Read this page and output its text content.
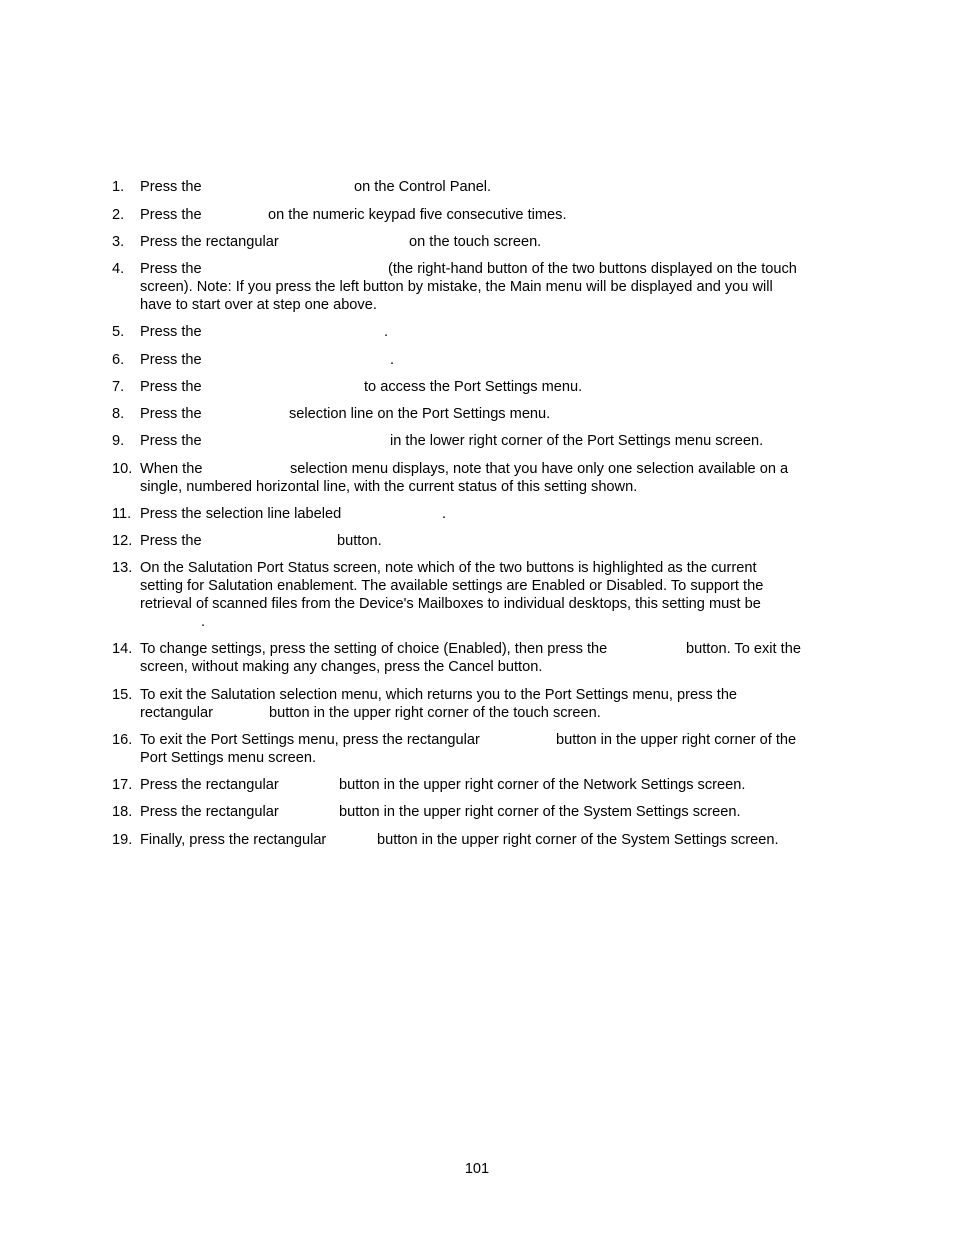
1. Press the	on the Control Panel.
2. Press the	on the numeric keypad five consecutive times.
3. Press the rectangular	on the touch screen.
4. Press the	(the right-hand button of the two buttons displayed on the touch
screen). Note: If you press the left button by mistake, the Main menu will be displayed and you will
have to start over at step one above.
5. Press the	.
6. Press the	.
7. Press the	to access the Port Settings menu.
8. Press the	selection line on the Port Settings menu.
9. Press the	in the lower right corner of the Port Settings menu screen.
10. When the	selection menu displays, note that you have only one selection available on a
single, numbered horizontal line, with the current status of this setting shown.
11. Press the selection line labeled	.
12. Press the	button.
13. On the Salutation Port Status screen, note which of the two buttons is highlighted as the current
setting for Salutation enablement. The available settings are Enabled or Disabled. To support the
retrieval of scanned files from the Device's Mailboxes to individual desktops, this setting must be
.
14. To change settings, press the setting of choice (Enabled), then press the	button. To exit the
screen, without making any changes, press the Cancel button.
15. To exit the Salutation selection menu, which returns you to the Port Settings menu, press the
rectangular	button in the upper right corner of the touch screen.
16. To exit the Port Settings menu, press the rectangular	button in the upper right corner of the
Port Settings menu screen.
17. Press the rectangular	button in the upper right corner of the Network Settings screen.
18. Press the rectangular	button in the upper right corner of the System Settings screen.
19. Finally, press the rectangular	button in the upper right corner of the System Settings screen.
101
